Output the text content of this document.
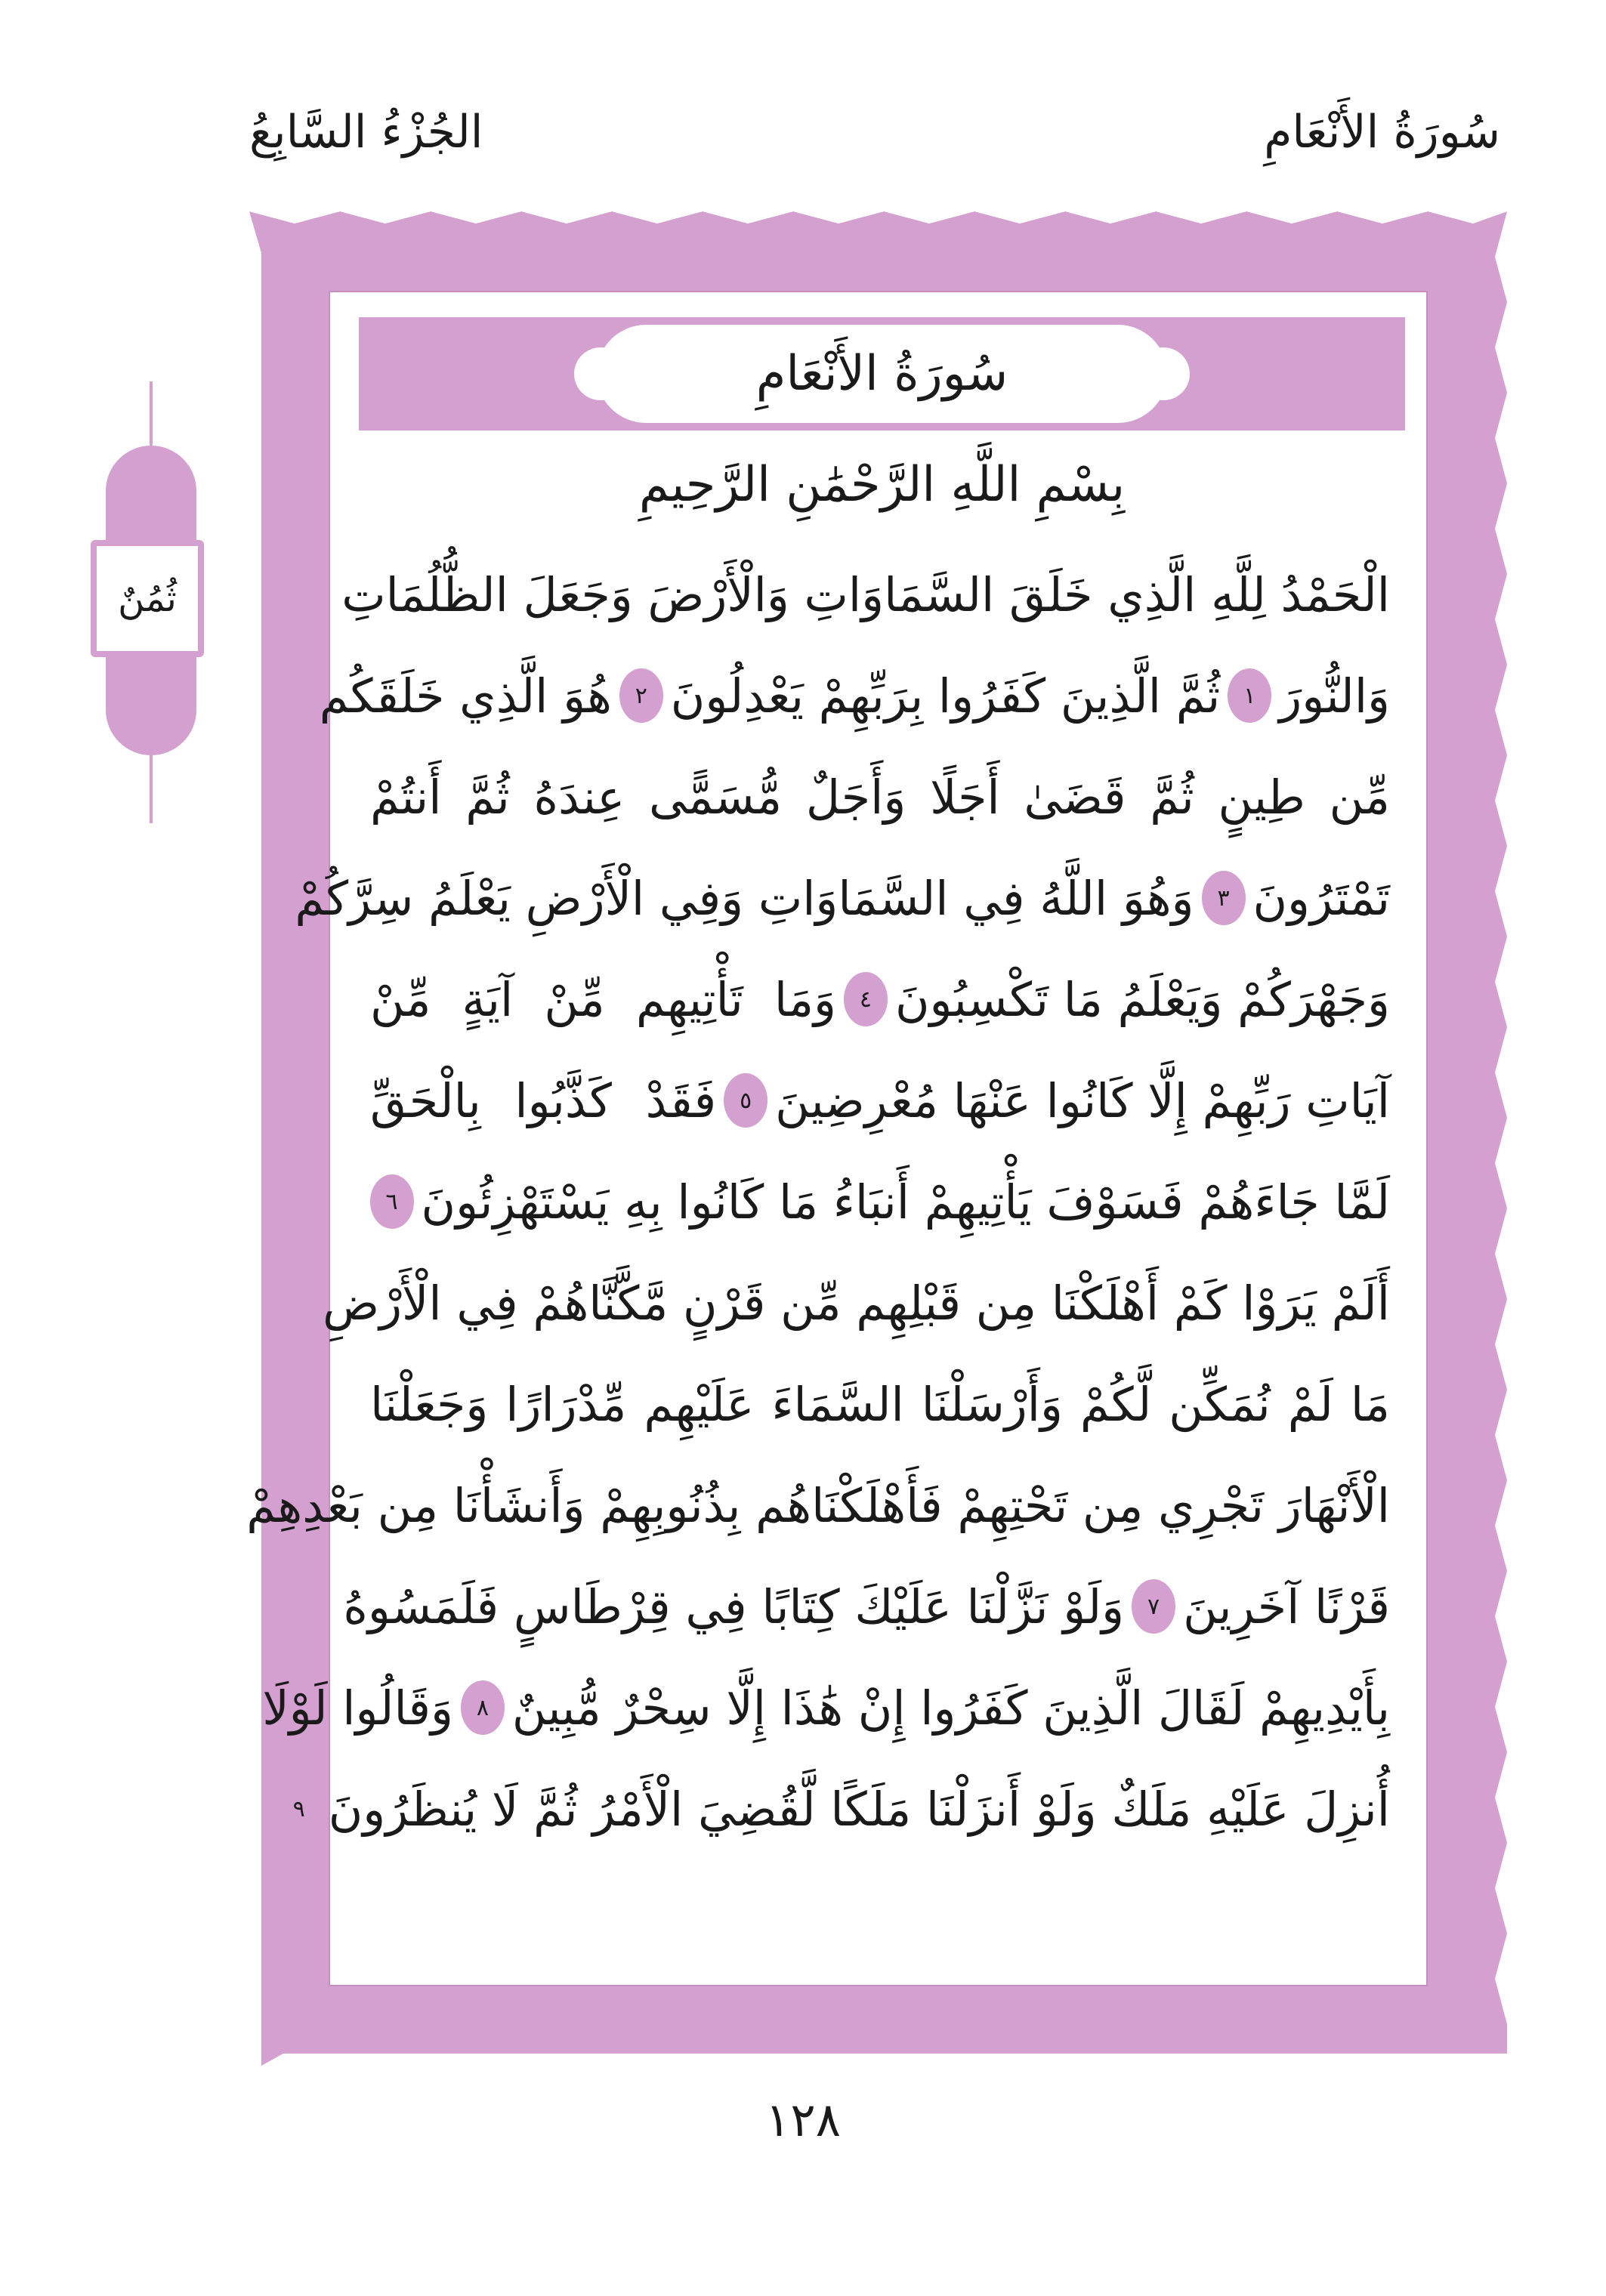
سُورَةُ الأَنْعَامِ
الجُزْءُ السَّابِعُ
ثُمُنٌ
سُورَةُ الأَنْعَامِ
بِسْمِ اللَّهِ الرَّحْمَٰنِ الرَّحِيمِ
الْحَمْدُ لِلَّهِ الَّذِي خَلَقَ السَّمَاوَاتِ وَالْأَرْضَ وَجَعَلَ الظُّلُمَاتِ
وَالنُّورَ
١
ثُمَّ الَّذِينَ كَفَرُوا بِرَبِّهِمْ يَعْدِلُونَ
٢
هُوَ الَّذِي خَلَقَكُم
مِّن طِينٍ ثُمَّ قَضَىٰ أَجَلًا وَأَجَلٌ مُّسَمًّى عِندَهُ ثُمَّ أَنتُمْ
تَمْتَرُونَ
٣
وَهُوَ اللَّهُ فِي السَّمَاوَاتِ وَفِي الْأَرْضِ يَعْلَمُ سِرَّكُمْ
وَجَهْرَكُمْ وَيَعْلَمُ مَا تَكْسِبُونَ
٤
وَمَا تَأْتِيهِم مِّنْ آيَةٍ مِّنْ
آيَاتِ رَبِّهِمْ إِلَّا كَانُوا عَنْهَا مُعْرِضِينَ
٥
فَقَدْ كَذَّبُوا بِالْحَقِّ
لَمَّا جَاءَهُمْ فَسَوْفَ يَأْتِيهِمْ أَنبَاءُ مَا كَانُوا بِهِ يَسْتَهْزِئُونَ
٦
أَلَمْ يَرَوْا كَمْ أَهْلَكْنَا مِن قَبْلِهِم مِّن قَرْنٍ مَّكَّنَّاهُمْ فِي الْأَرْضِ
مَا لَمْ نُمَكِّن لَّكُمْ وَأَرْسَلْنَا السَّمَاءَ عَلَيْهِم مِّدْرَارًا وَجَعَلْنَا
الْأَنْهَارَ تَجْرِي مِن تَحْتِهِمْ فَأَهْلَكْنَاهُم بِذُنُوبِهِمْ وَأَنشَأْنَا مِن بَعْدِهِمْ
قَرْنًا آخَرِينَ
٧
وَلَوْ نَزَّلْنَا عَلَيْكَ كِتَابًا فِي قِرْطَاسٍ فَلَمَسُوهُ
بِأَيْدِيهِمْ لَقَالَ الَّذِينَ كَفَرُوا إِنْ هَٰذَا إِلَّا سِحْرٌ مُّبِينٌ
٨
وَقَالُوا لَوْلَا
أُنزِلَ عَلَيْهِ مَلَكٌ وَلَوْ أَنزَلْنَا مَلَكًا لَّقُضِيَ الْأَمْرُ ثُمَّ لَا يُنظَرُونَ
٩
١٢٨
